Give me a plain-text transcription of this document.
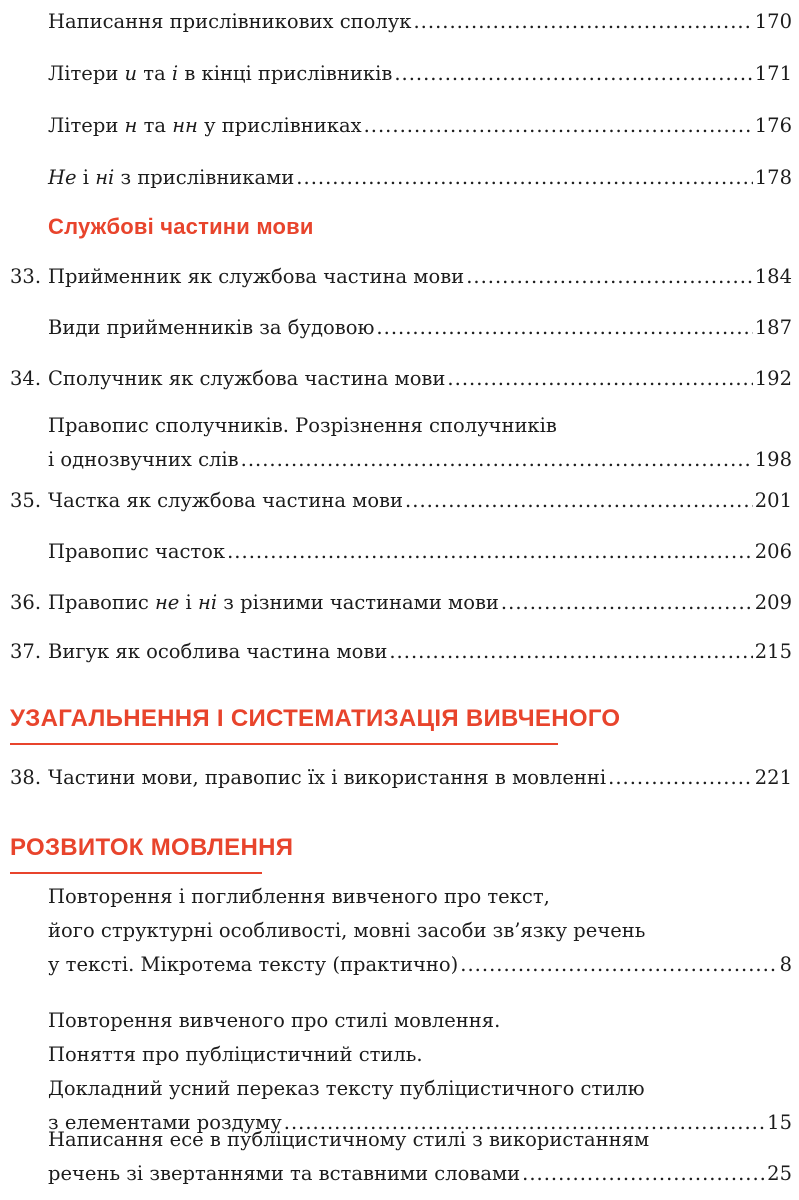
Написання прислівникових сполук .....	170
Літери и та і в кінці прислівників .....	171
Літери н та нн у прислівниках .....	176
Не і ні з прислівниками .....	178
Службові частини мови
33. Прийменник як службова частина мови .....	184
Види прийменників за будовою .....	187
34. Сполучник як службова частина мови .....	192
Правопис сполучників. Розрізнення сполучників
і однозвучних слів .....	198
35. Частка як службова частина мови .....	201
Правопис часток .....	206
36. Правопис не і ні з різними частинами мови .....	209
37. Вигук як особлива частина мови .....	215
УЗАГАЛЬНЕННЯ І СИСТЕМАТИЗАЦІЯ ВИВЧЕНОГО
38. Частини мови, правопис їх і використання в мовленні .....	221
РОЗВИТОК МОВЛЕННЯ
Повторення і поглиблення вивченого про текст,
його структурні особливості, мовні засоби зв’язку речень
у тексті. Мікротема тексту (практично) .....	8
Повторення вивченого про стилі мовлення.
Поняття про публіцистичний стиль.
Докладний усний переказ тексту публіцистичного стилю
з елементами роздуму .....	15
Написання есе в публіцистичному стилі з використанням
речень зі звертаннями та вставними словами .....	25
